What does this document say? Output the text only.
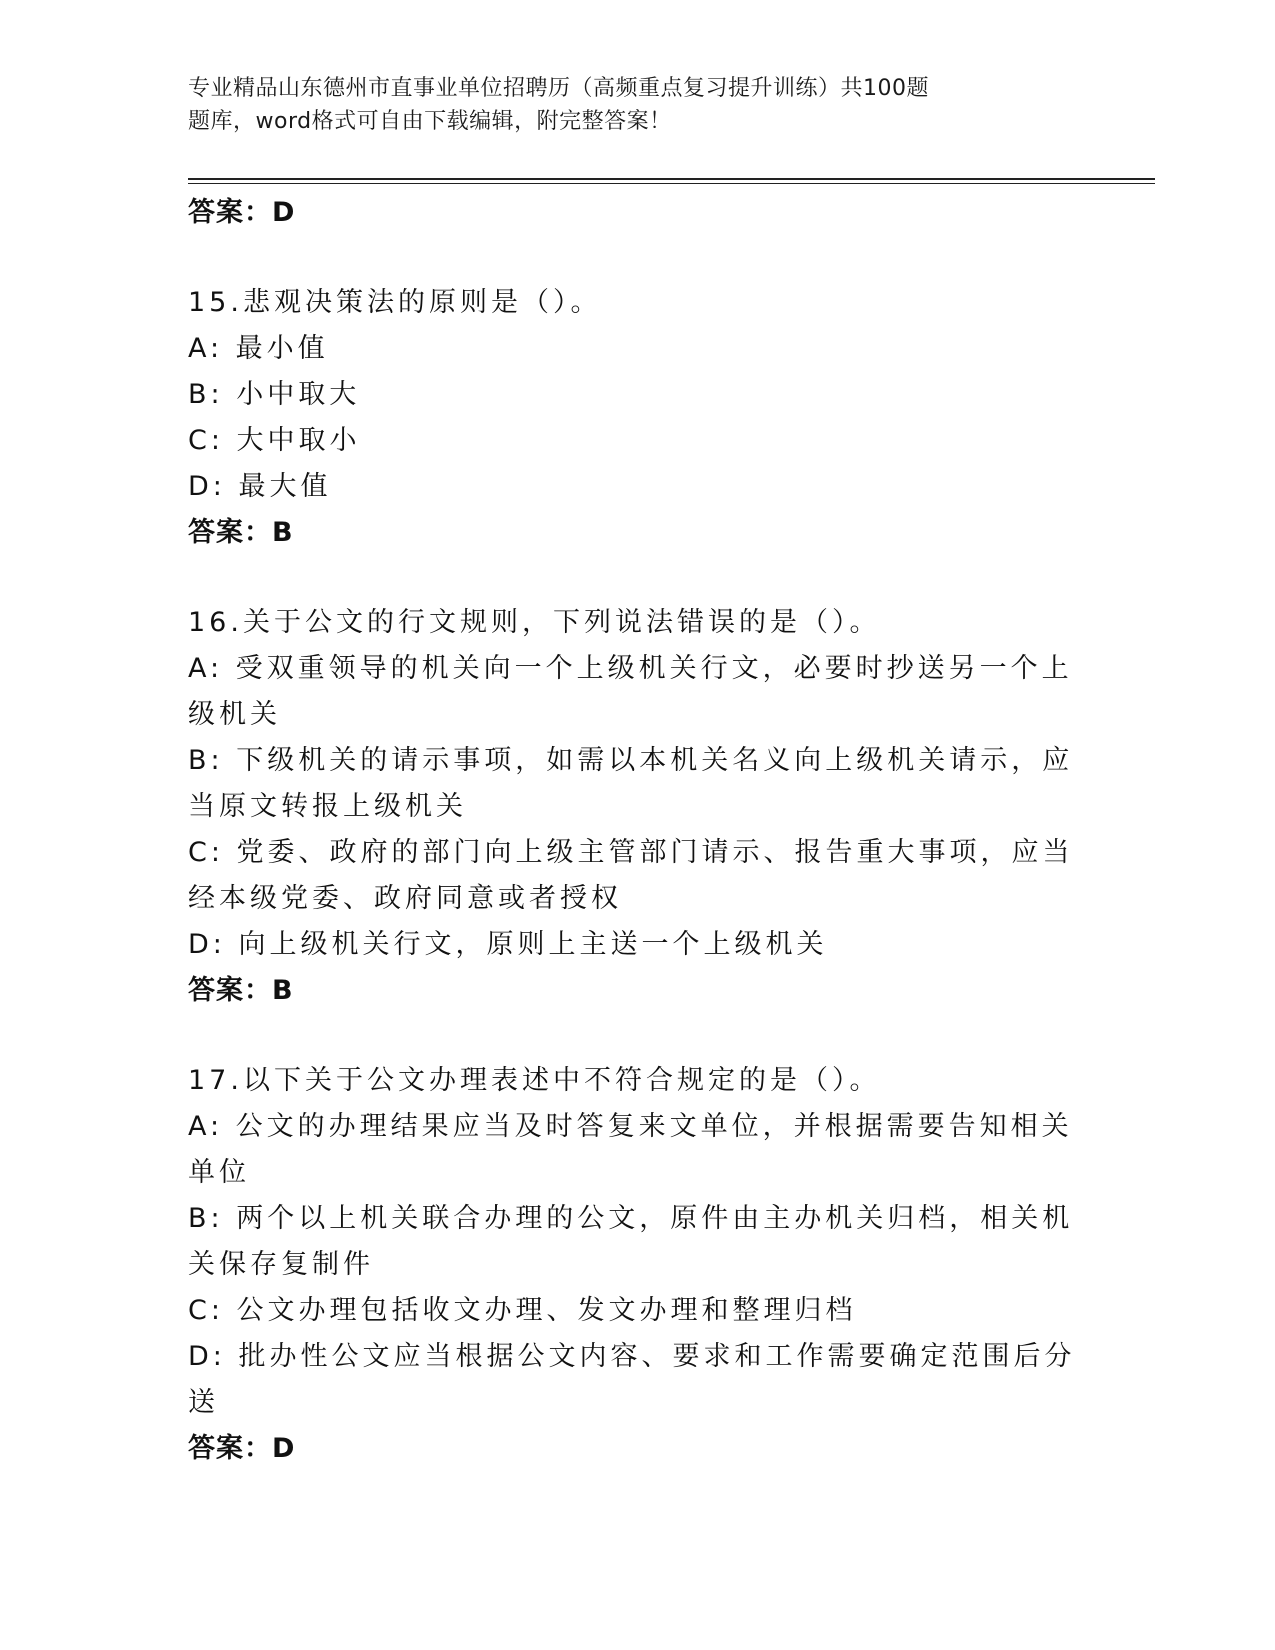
专业精品山东德州市直事业单位招聘历（高频重点复习提升训练）共100题
题库，word格式可自由下载编辑，附完整答案！
答案：D
15.悲观决策法的原则是（）。
A: 最小值
B: 小中取大
C: 大中取小
D: 最大值
答案：B
16.关于公文的行文规则，下列说法错误的是（）。
A: 受双重领导的机关向一个上级机关行文，必要时抄送另一个上级机关
B: 下级机关的请示事项，如需以本机关名义向上级机关请示，应当原文转报上级机关
C: 党委、政府的部门向上级主管部门请示、报告重大事项，应当经本级党委、政府同意或者授权
D: 向上级机关行文，原则上主送一个上级机关
答案：B
17.以下关于公文办理表述中不符合规定的是（）。
A: 公文的办理结果应当及时答复来文单位，并根据需要告知相关单位
B: 两个以上机关联合办理的公文，原件由主办机关归档，相关机关保存复制件
C: 公文办理包括收文办理、发文办理和整理归档
D: 批办性公文应当根据公文内容、要求和工作需要确定范围后分送
答案：D
